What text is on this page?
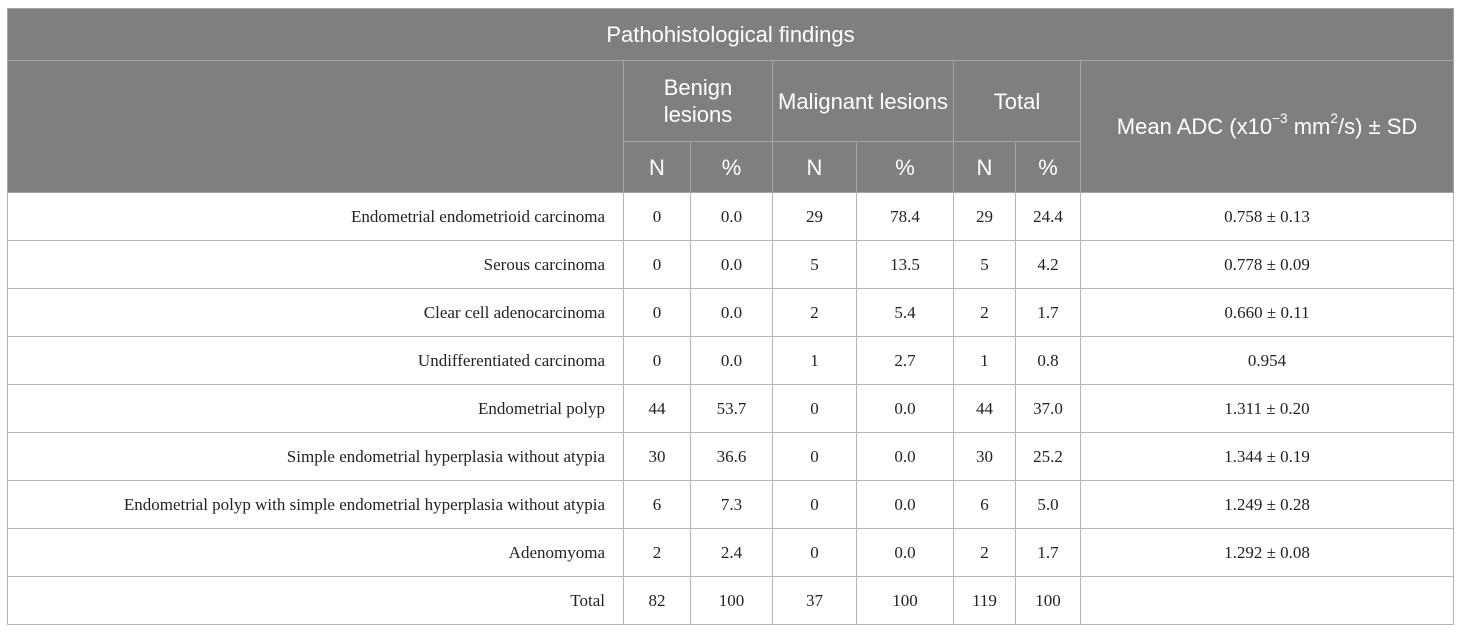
Pathohistological findings							
	Benign lesions		Malignant lesions		Total		Mean ADC ($x10^{-3}$ $mm^2/s$) ± SD
	N	%	N	%	N	%	
Endometrial endometrioid carcinoma	0	0.0	29	78.4	29	24.4	0.758 ± 0.13
Serous carcinoma	0	0.0	5	13.5	5	4.2	0.778 ± 0.09
Clear cell adenocarcinoma	0	0.0	2	5.4	2	1.7	0.660 ± 0.11
Undifferentiated carcinoma	0	0.0	1	2.7	1	0.8	0.954
Endometrial polyp	44	53.7	0	0.0	44	37.0	1.311 ± 0.20
Simple endometrial hyperplasia without atypia	30	36.6	0	0.0	30	25.2	1.344 ± 0.19
Endometrial polyp with simple endometrial hyperplasia without atypia	6	7.3	0	0.0	6	5.0	1.249 ± 0.28
Adenomyoma	2	2.4	0	0.0	2	1.7	1.292 ± 0.08
Total	82	100	37	100	119	100	
